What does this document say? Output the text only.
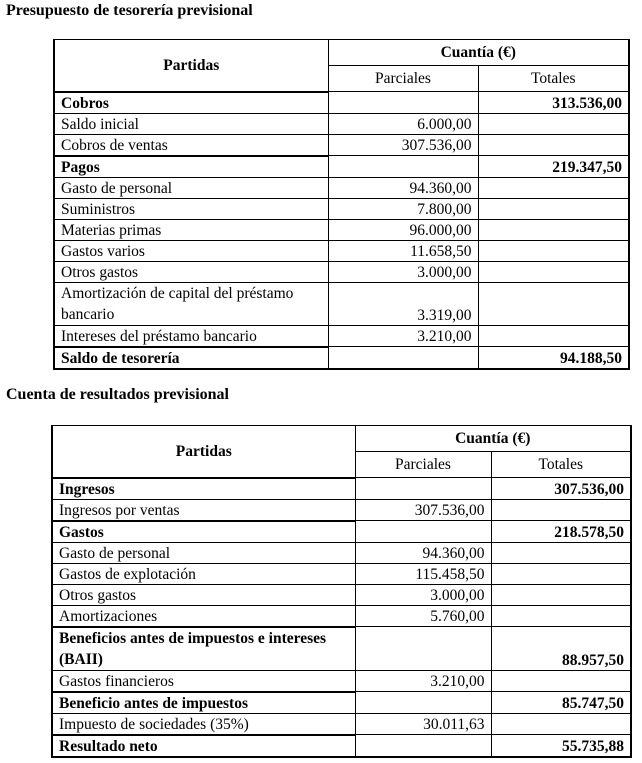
Presupuesto de tesorería previsional
Partidas	Cuantía (€)	
	Parciales	Totales
Cobros		313.536,00
Saldo inicial	6.000,00	
Cobros de ventas	307.536,00	
Pagos		219.347,50
Gasto de personal	94.360,00	
Suministros	7.800,00	
Materias primas	96.000,00	
Gastos varios	11.658,50	
Otros gastos	3.000,00	
Amortización de capital del préstamo bancario	3.319,00	
Intereses del préstamo bancario	3.210,00	
Saldo de tesorería		94.188,50
Cuenta de resultados previsional
Partidas	Cuantía (€)	
	Parciales	Totales
Ingresos		307.536,00
Ingresos por ventas	307.536,00	
Gastos		218.578,50
Gasto de personal	94.360,00	
Gastos de explotación	115.458,50	
Otros gastos	3.000,00	
Amortizaciones	5.760,00	
Beneficios antes de impuestos e intereses (BAII)		88.957,50
Gastos financieros	3.210,00	
Beneficio antes de impuestos		85.747,50
Impuesto de sociedades (35%)	30.011,63	
Resultado neto		55.735,88
